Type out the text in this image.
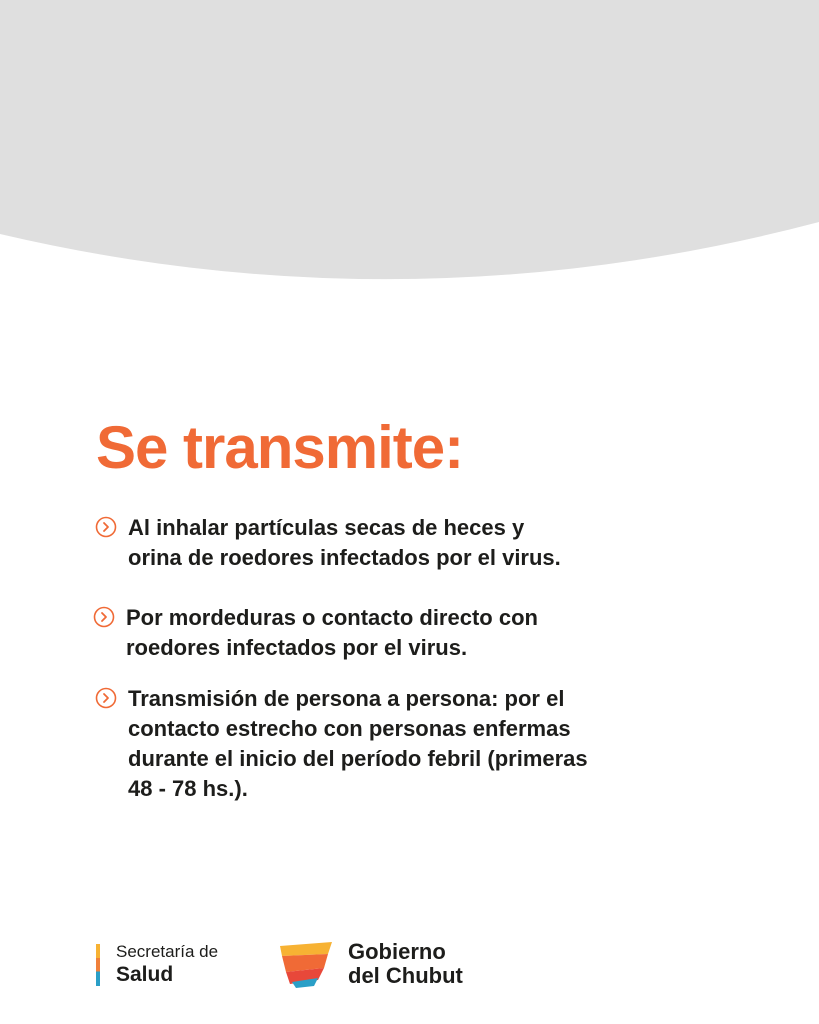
Se transmite:
Al inhalar partículas secas de heces y
orina de roedores infectados por el virus.
Por mordeduras o contacto directo con
roedores infectados por el virus.
Transmisión de persona a persona: por el
contacto estrecho con personas enfermas
durante el inicio del período febril (primeras
48 - 78 hs.).
Secretaría de
Salud
Gobierno
del Chubut
